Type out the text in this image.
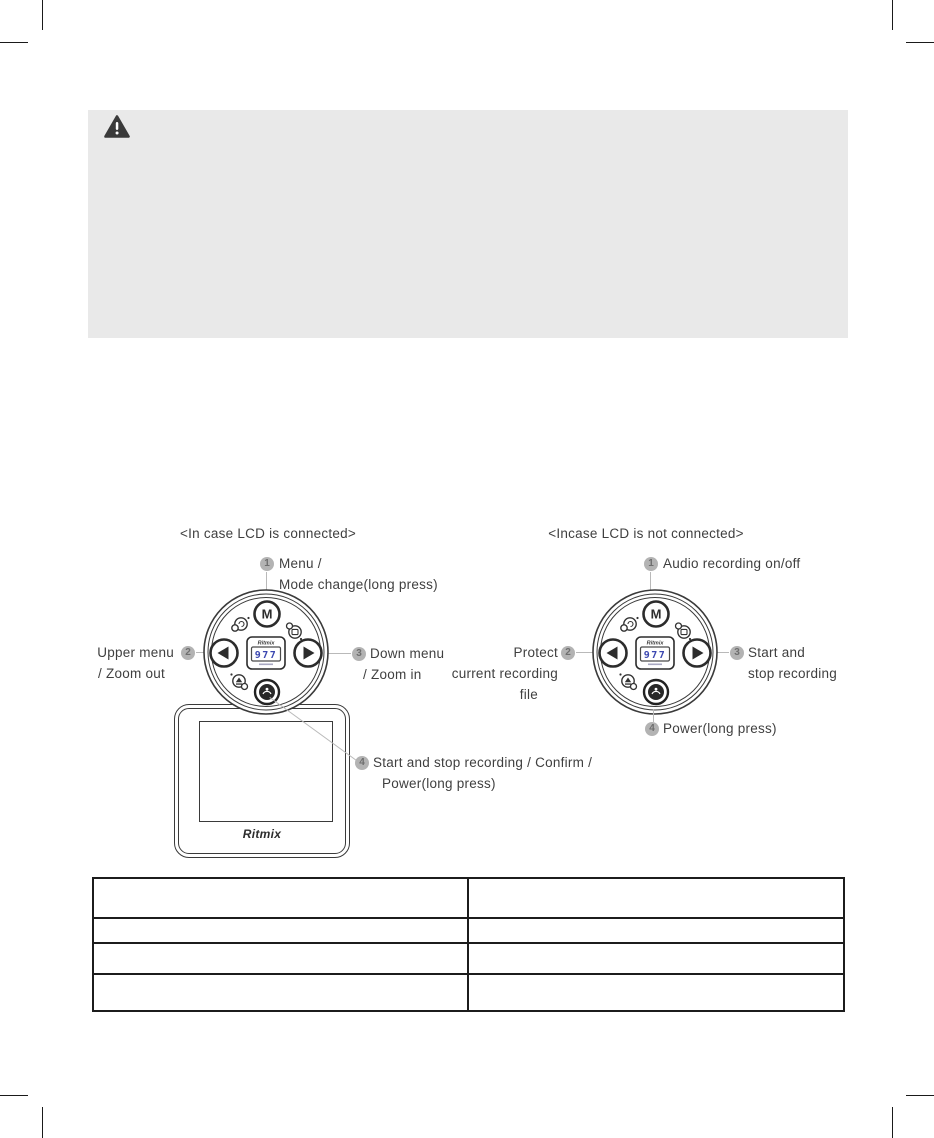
<In case LCD is connected>
1 Menu /
Mode change(long press)
Upper menu
/ Zoom out
2	3 Down menu
/ Zoom in
Ritmix
M
Ritmix
977
4 Start and stop recording / Confirm /
Power(long press)
<Incase LCD is not connected>
1 Audio recording on/off
Protect
current recording
file
2	3 Start and
stop recording
M
Ritmix
977
4 Power(long press)
